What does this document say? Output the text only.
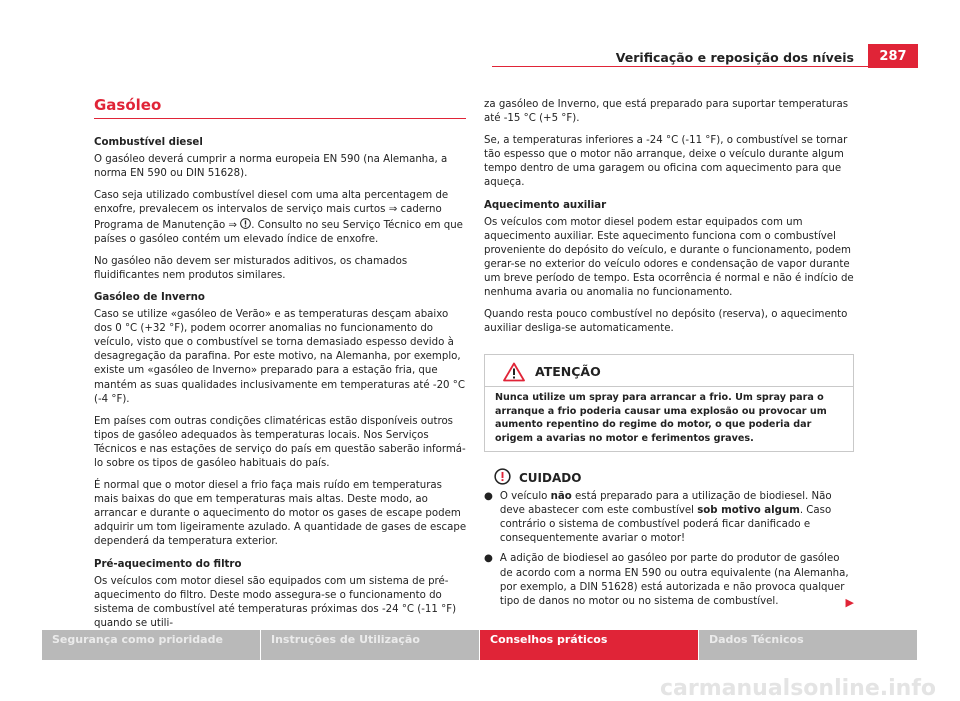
Verificação e reposição dos níveis	287
Gasóleo

Combustível diesel

O gasóleo deverá cumprir a norma europeia EN 590 (na Alemanha, a norma EN 590 ou DIN 51628).

Caso seja utilizado combustível diesel com uma alta percentagem de enxofre, prevalecem os intervalos de serviço mais curtos ⇒ caderno Programa de Manutenção ⇒ . Consulto no seu Serviço Técnico em que países o gasóleo contém um elevado índice de enxofre.

No gasóleo não devem ser misturados aditivos, os chamados fluidificantes nem produtos similares.

Gasóleo de Inverno

Caso se utilize «gasóleo de Verão» e as temperaturas desçam abaixo dos 0 °C (+32 °F), podem ocorrer anomalias no funcionamento do veículo, visto que o combustível se torna demasiado espesso devido à desagregação da parafina. Por este motivo, na Alemanha, por exemplo, existe um «gasóleo de Inverno» preparado para a estação fria, que mantém as suas qualidades inclusivamente em temperaturas até -20 °C (-4 °F).

Em países com outras condições climatéricas estão disponíveis outros tipos de gasóleo adequados às temperaturas locais. Nos Serviços Técnicos e nas estações de serviço do país em questão saberão informá-lo sobre os tipos de gasóleo habituais do país.

É normal que o motor diesel a frio faça mais ruído em temperaturas mais baixas do que em temperaturas mais altas. Deste modo, ao arrancar e durante o aquecimento do motor os gases de escape podem adquirir um tom ligeiramente azulado. A quantidade de gases de escape dependerá da temperatura exterior.

Pré-aquecimento do filtro

Os veículos com motor diesel são equipados com um sistema de pré-aquecimento do filtro. Deste modo assegura-se o funcionamento do sistema de combustível até temperaturas próximas dos -24 °C (-11 °F) quando se utili-

za gasóleo de Inverno, que está preparado para suportar temperaturas até -15 °C (+5 °F).

Se, a temperaturas inferiores a -24 °C (-11 °F), o combustível se tornar tão espesso que o motor não arranque, deixe o veículo durante algum tempo dentro de uma garagem ou oficina com aquecimento para que aqueça.

Aquecimento auxiliar

Os veículos com motor diesel podem estar equipados com um aquecimento auxiliar. Este aquecimento funciona com o combustível proveniente do depósito do veículo, e durante o funcionamento, podem gerar-se no exterior do veículo odores e condensação de vapor durante um breve período de tempo. Esta ocorrência é normal e não é indício de nenhuma avaria ou anomalia no funcionamento.

Quando resta pouco combustível no depósito (reserva), o aquecimento auxiliar desliga-se automaticamente.

ATENÇÃO
Nunca utilize um spray para arrancar a frio. Um spray para o arranque a frio poderia causar uma explosão ou provocar um aumento repentino do regime do motor, o que poderia dar origem a avarias no motor e ferimentos graves.
CUIDADO
● O veículo não está preparado para a utilização de biodiesel. Não deve abastecer com este combustível sob motivo algum. Caso contrário o sistema de combustível poderá ficar danificado e consequentemente avariar o motor!
● A adição de biodiesel ao gasóleo por parte do produtor de gasóleo de acordo com a norma EN 590 ou outra equivalente (na Alemanha, por exemplo, a DIN 51628) está autorizada e não provoca qualquer tipo de danos no motor ou no sistema de combustível.	▶
Segurança como prioridade	Instruções de Utilização	Conselhos práticos	Dados Técnicos
carmanualsonline.info
